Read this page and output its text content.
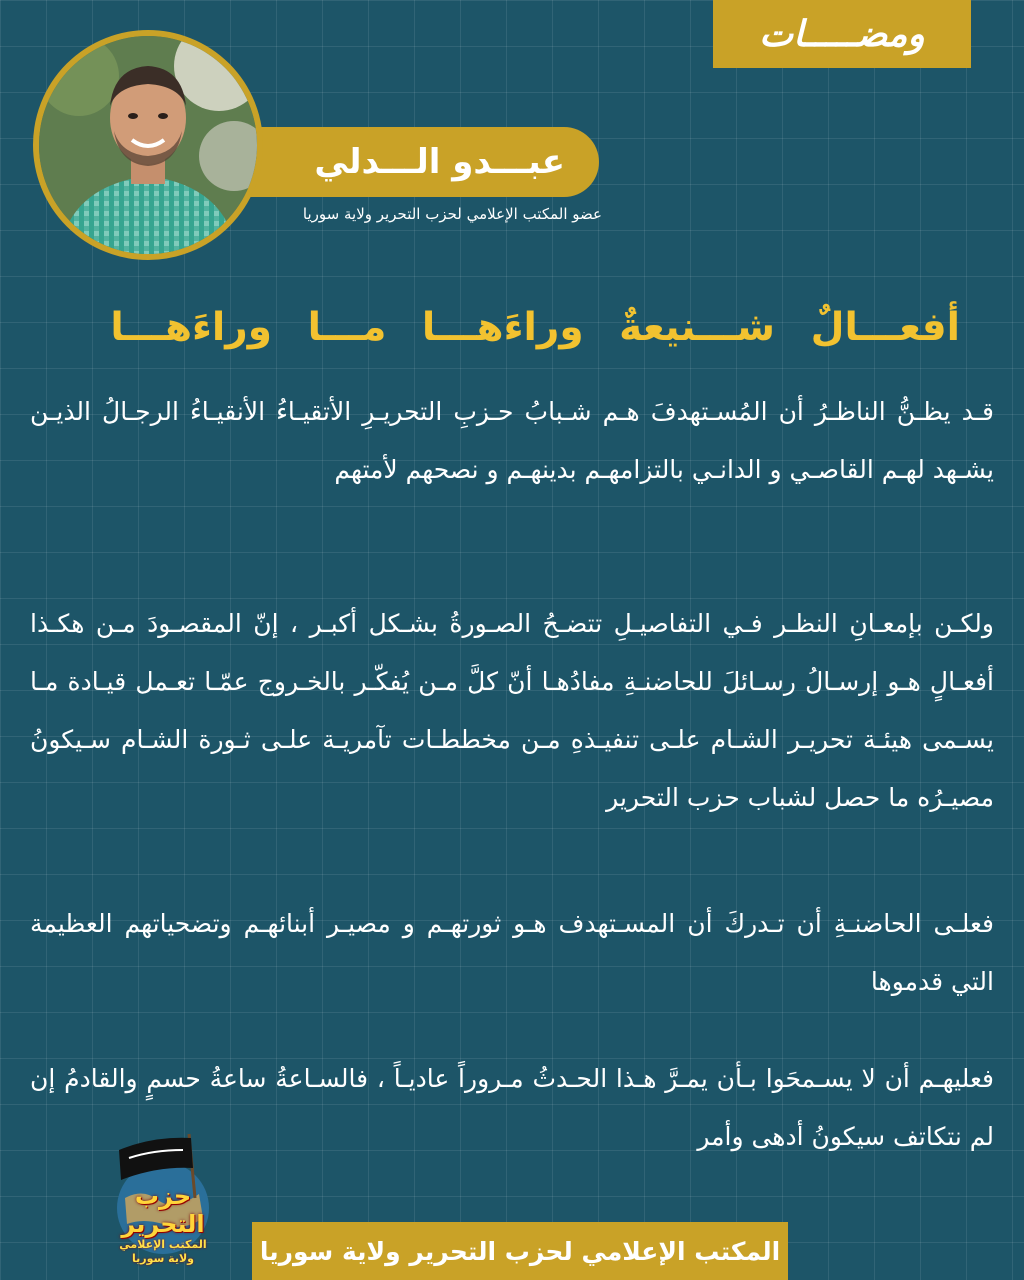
ومضـــــات
عبـــدو الـــدلي
عضو المكتب الإعلامي لحزب التحرير ولاية سوريا
أفعـــالٌ شـــنيعةٌ وراءَهـــا مـــا وراءَهـــا

قـد يظـنُّ الناظـرُ أن المُسـتهدفَ هـم شـبابُ حـزبِ التحريـرِ الأتقيـاءُ الأنقيـاءُ الرجـالُ الذيـن يشـهد لهـم القاصـي و الدانـي بالتزامهـم بدينهـم و نصحهم لأمتهم

ولكـن بإمعـانِ النظـر فـي التفاصيـلِ تتضـحُ الصـورةُ بشـكل أكبـر ، إنّ المقصـودَ مـن هكـذا أفعـالٍ هـو إرسـالُ رسـائلَ للحاضنـةِ مفادُهـا أنّ كلَّ مـن يُفكّـر بالخـروج عمّـا تعـمل قيـادة مـا يسـمى هيئـة تحريـر الشـام علـى تنفيـذهِ مـن مخططـات تآمريـة علـى ثـورة الشـام سـيكونُ مصيـرُه ما حصل لشباب حزب التحرير

فعلـى الحاضنـةِ أن تـدركَ أن المسـتهدف هـو ثورتهـم و مصيـر أبنائهـم وتضحياتهم العظيمة التي قدموها

فعليهـم أن لا يسـمحَوا بـأن يمـرَّ هـذا الحـدثُ مـروراً عاديـاً ، فالسـاعةُ ساعةُ حسمٍ والقادمُ إن لم نتكاتف سيكونُ أدهى وأمر

حزب التحرير
المكتب الإعلامي
ولاية سوريا	المكتب الإعلامي لحزب التحرير ولاية سوريا
